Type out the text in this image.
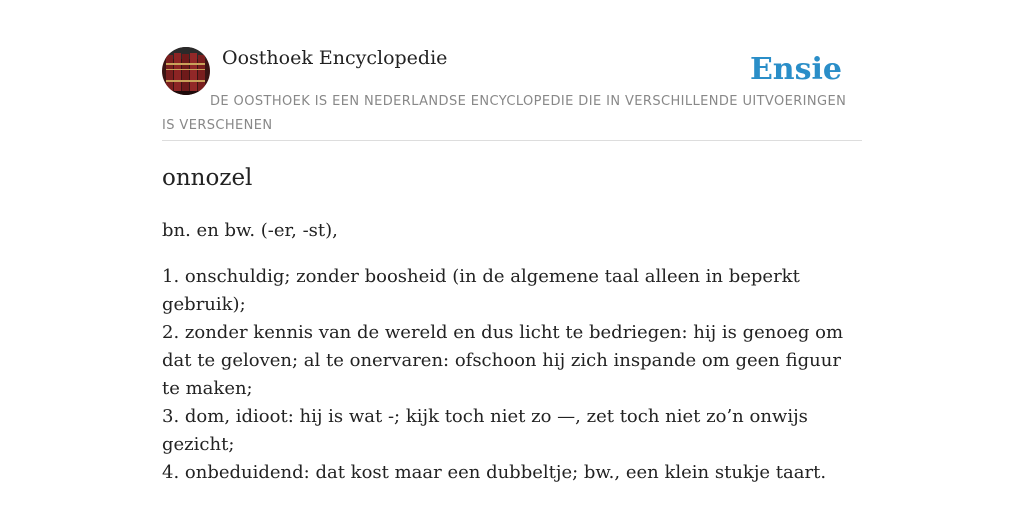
Oosthoek Encyclopedie	Ensie
DE OOSTHOEK IS EEN NEDERLANDSE ENCYCLOPEDIE DIE IN VERSCHILLENDE UITVOERINGEN IS VERSCHENEN
onnozel
bn. en bw. (-er, -st),
1. onschuldig; zonder boosheid (in de algemene taal alleen in beperkt gebruik);
2. zonder kennis van de wereld en dus licht te bedriegen: hij is genoeg om dat te geloven; al te onervaren: ofschoon hij zich inspande om geen figuur te maken;
3. dom, idioot: hij is wat -; kijk toch niet zo —, zet toch niet zo’n onwijs gezicht;
4. onbeduidend: dat kost maar een dubbeltje; bw., een klein stukje taart.
